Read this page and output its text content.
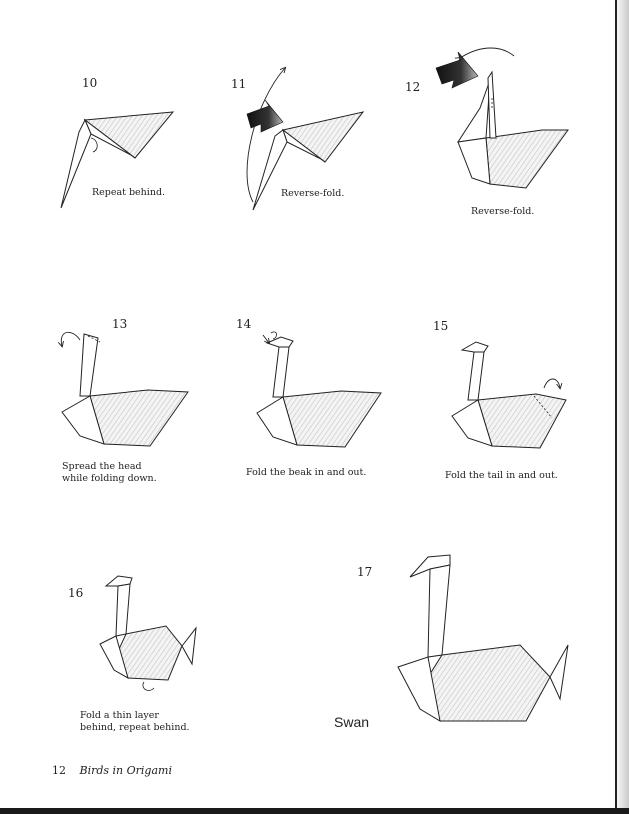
10
Repeat behind.
11
Reverse-fold.
12
Reverse-fold.
13
Spread the head
while folding down.
14
Fold the beak in and out.
15
Fold the tail in and out.
16
Fold a thin layer
behind, repeat behind.
17
Swan
12 Birds in Origami
